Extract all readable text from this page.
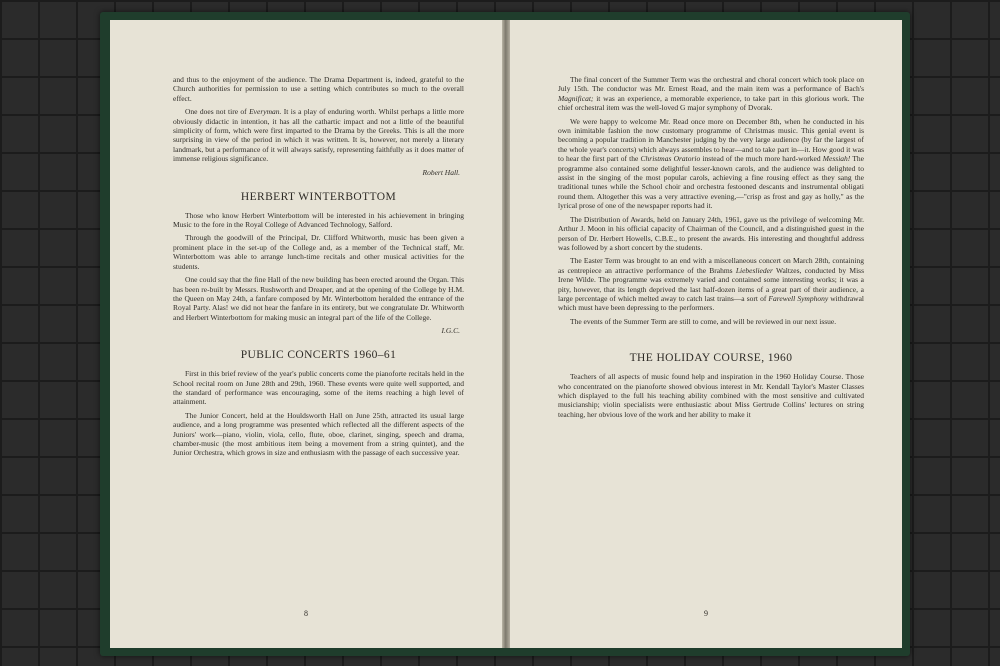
and thus to the enjoyment of the audience. The Drama Department is, indeed, grateful to the Church authorities for permission to use a setting which contributes so much to the overall effect.

One does not tire of Everyman. It is a play of enduring worth. Whilst perhaps a little more obviously didactic in intention, it has all the cathartic impact and not a little of the beautiful simplicity of form, which were first imparted to the Drama by the Greeks. This is all the more surprising in view of the period in which it was written. It is, however, not merely a literary landmark, but a performance of it will always satisfy, representing faithfully as it does matter of immense religious significance.

Robert Hall.
HERBERT WINTERBOTTOM

Those who know Herbert Winterbottom will be interested in his achievement in bringing Music to the fore in the Royal College of Advanced Technology, Salford.

Through the goodwill of the Principal, Dr. Clifford Whitworth, music has been given a prominent place in the set-up of the College and, as a member of the Technical staff, Mr. Winterbottom was able to arrange lunch-time recitals and other musical activities for the students.

One could say that the fine Hall of the new building has been erected around the Organ. This has been re-built by Messrs. Rushworth and Dreaper, and at the opening of the College by H.M. the Queen on May 24th, a fanfare composed by Mr. Winterbottom heralded the entrance of the Royal Party. Alas! we did not hear the fanfare in its entirety, but we congratulate Dr. Whitworth and Herbert Winterbottom for making music an integral part of the life of the College.

I.G.C.
PUBLIC CONCERTS 1960–61

First in this brief review of the year's public concerts come the pianoforte recitals held in the School recital room on June 28th and 29th, 1960. These events were quite well supported, and the standard of performance was encouraging, some of the items reaching a high level of attainment.

The Junior Concert, held at the Houldsworth Hall on June 25th, attracted its usual large audience, and a long programme was presented which reflected all the different aspects of the Juniors' work—piano, violin, viola, cello, flute, oboe, clarinet, singing, speech and drama, chamber-music (the most ambitious item being a movement from a string quintet), and the Junior Orchestra, which grows in size and enthusiasm with the passage of each successive year.

8

The final concert of the Summer Term was the orchestral and choral concert which took place on July 15th. The conductor was Mr. Ernest Read, and the main item was a performance of Bach's Magnificat; it was an experience, a memorable experience, to take part in this glorious work. The chief orchestral item was the well-loved G major symphony of Dvorak.

We were happy to welcome Mr. Read once more on December 8th, when he conducted in his own inimitable fashion the now customary programme of Christmas music. This genial event is becoming a popular tradition in Manchester judging by the very large audience (by far the largest of the whole year's concerts) which always assembles to hear—and to take part in—it. How good it was to hear the first part of the Christmas Oratorio instead of the much more hard-worked Messiah! The programme also contained some delightful lesser-known carols, and the audience was delighted to assist in the singing of the most popular carols, achieving a fine rousing effect as they sang the traditional tunes while the School choir and orchestra festooned descants and instrumental obligati round them. Altogether this was a very attractive evening,—"crisp as frost and gay as holly," as the lyrical prose of one of the newspaper reports had it.

The Distribution of Awards, held on January 24th, 1961, gave us the privilege of welcoming Mr. Arthur J. Moon in his official capacity of Chairman of the Council, and a distinguished guest in the person of Dr. Herbert Howells, C.B.E., to present the awards. His interesting and thoughtful address was followed by a short concert by the students.

The Easter Term was brought to an end with a miscellaneous concert on March 28th, containing as centrepiece an attractive performance of the Brahms Liebeslieder Waltzes, conducted by Miss Irene Wilde. The programme was extremely varied and contained some interesting works; it was a pity, however, that its length deprived the last half-dozen items of a great part of their audience, a large percentage of which melted away to catch last trains—a sort of Farewell Symphony withdrawal which must have been depressing to the performers.

The events of the Summer Term are still to come, and will be reviewed in our next issue.

THE HOLIDAY COURSE, 1960

Teachers of all aspects of music found help and inspiration in the 1960 Holiday Course. Those who concentrated on the pianoforte showed obvious interest in Mr. Kendall Taylor's Master Classes which displayed to the full his teaching ability combined with the most sensitive and cultivated musicianship; violin specialists were enthusiastic about Miss Gertrude Collins' lectures on string teaching, her obvious love of the work and her ability to make it

9
